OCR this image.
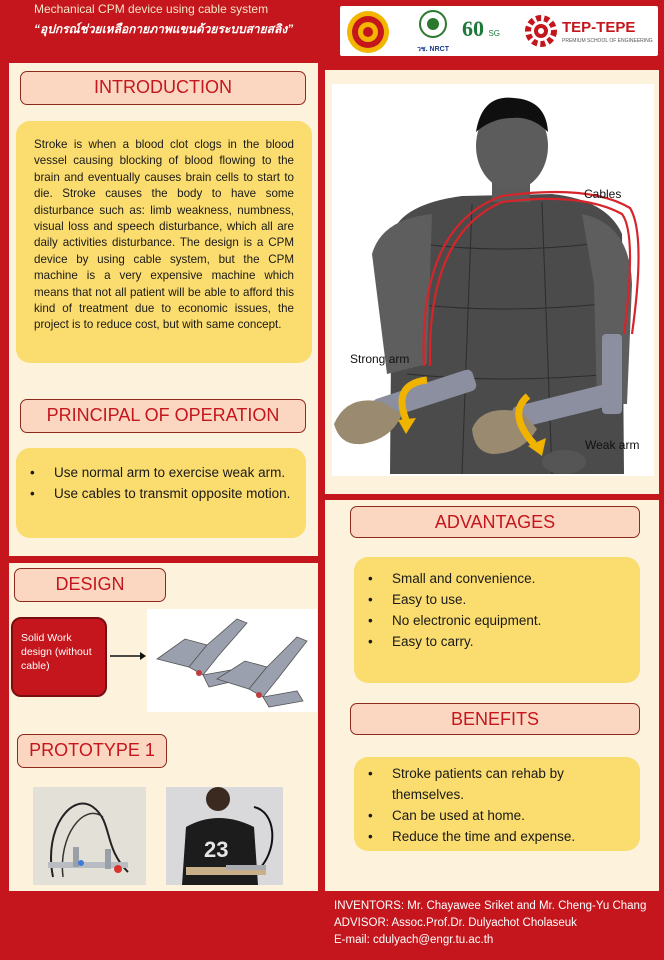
Mechanical CPM device using cable system
“อุปกรณ์ช่วยเหลือกายภาพแขนด้วยระบบสายสลิง”
วช. NRCT
60 SG	TEP-TEPE
PREMIUM SCHOOL OF ENGINEERING
INTRODUCTION
Stroke is when a blood clot clogs in the blood vessel causing blocking of blood flowing to the brain and eventually causes brain cells to start to die. Stroke causes the body to have some disturbance such as: limb weakness, numbness, visual loss and speech disturbance, which all are daily activities disturbance. The design is a CPM device by using cable system, but the CPM machine is a very expensive machine which means that not all patient will be able to afford this kind of treatment due to economic issues, the project is to reduce cost, but with same concept.
PRINCIPAL OF OPERATION
• Use normal arm to exercise weak arm.
• Use cables to transmit opposite motion.
DESIGN
Solid Work design (without cable)
PROTOTYPE 1
23
Cables
Strong arm
Weak arm
ADVANTAGES
• Small and convenience.
• Easy to use.
• No electronic equipment.
• Easy to carry.
BENEFITS
• Stroke patients can rehab by themselves.
• Can be used at home.
• Reduce the time and expense.
INVENTORS: Mr. Chayawee Sriket and Mr. Cheng-Yu Chang
ADVISOR: Assoc.Prof.Dr. Dulyachot Cholaseuk
E-mail: cdulyach@engr.tu.ac.th
